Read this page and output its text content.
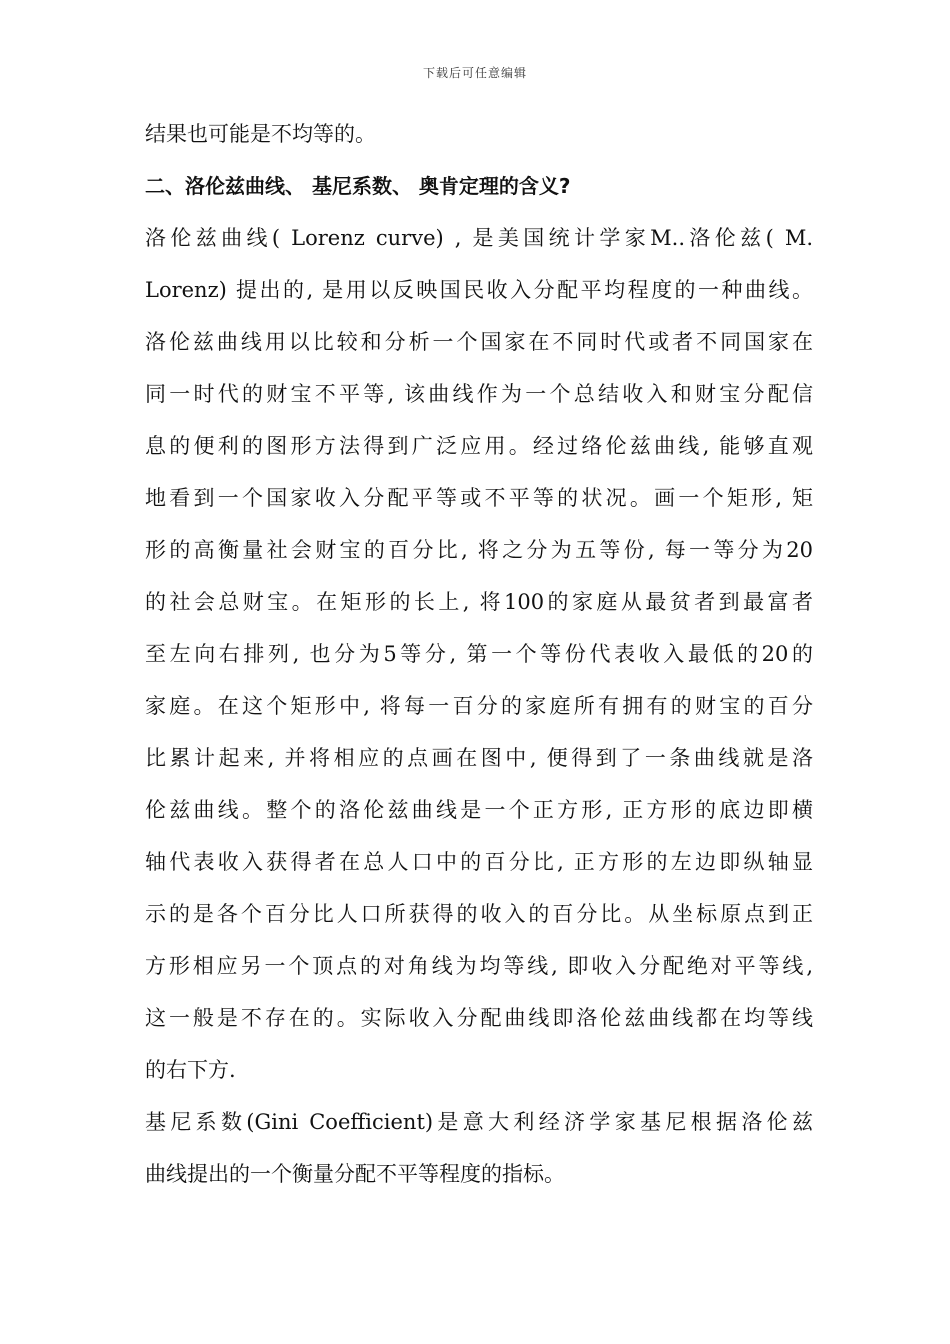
下载后可任意编辑
结果也可能是不均等的。
二、洛伦兹曲线、 基尼系数、 奥肯定理的含义?
洛伦兹曲线( Lorenz curve) , 是美国统计学家M..洛伦兹( M.
Lorenz) 提出的, 是用以反映国民收入分配平均程度的一种曲线。
洛伦兹曲线用以比较和分析一个国家在不同时代或者不同国家在
同一时代的财宝不平等, 该曲线作为一个总结收入和财宝分配信
息的便利的图形方法得到广泛应用。经过络伦兹曲线, 能够直观
地看到一个国家收入分配平等或不平等的状况。画一个矩形, 矩
形的高衡量社会财宝的百分比, 将之分为五等份, 每一等分为20
的社会总财宝。在矩形的长上, 将100的家庭从最贫者到最富者
至左向右排列, 也分为5等分, 第一个等份代表收入最低的20的
家庭。在这个矩形中, 将每一百分的家庭所有拥有的财宝的百分
比累计起来, 并将相应的点画在图中, 便得到了一条曲线就是洛
伦兹曲线。整个的洛伦兹曲线是一个正方形, 正方形的底边即横
轴代表收入获得者在总人口中的百分比, 正方形的左边即纵轴显
示的是各个百分比人口所获得的收入的百分比。从坐标原点到正
方形相应另一个顶点的对角线为均等线, 即收入分配绝对平等线,
这一般是不存在的。实际收入分配曲线即洛伦兹曲线都在均等线
的右下方.
基尼系数(Gini Coefficient)是意大利经济学家基尼根据洛伦兹
曲线提出的一个衡量分配不平等程度的指标。
